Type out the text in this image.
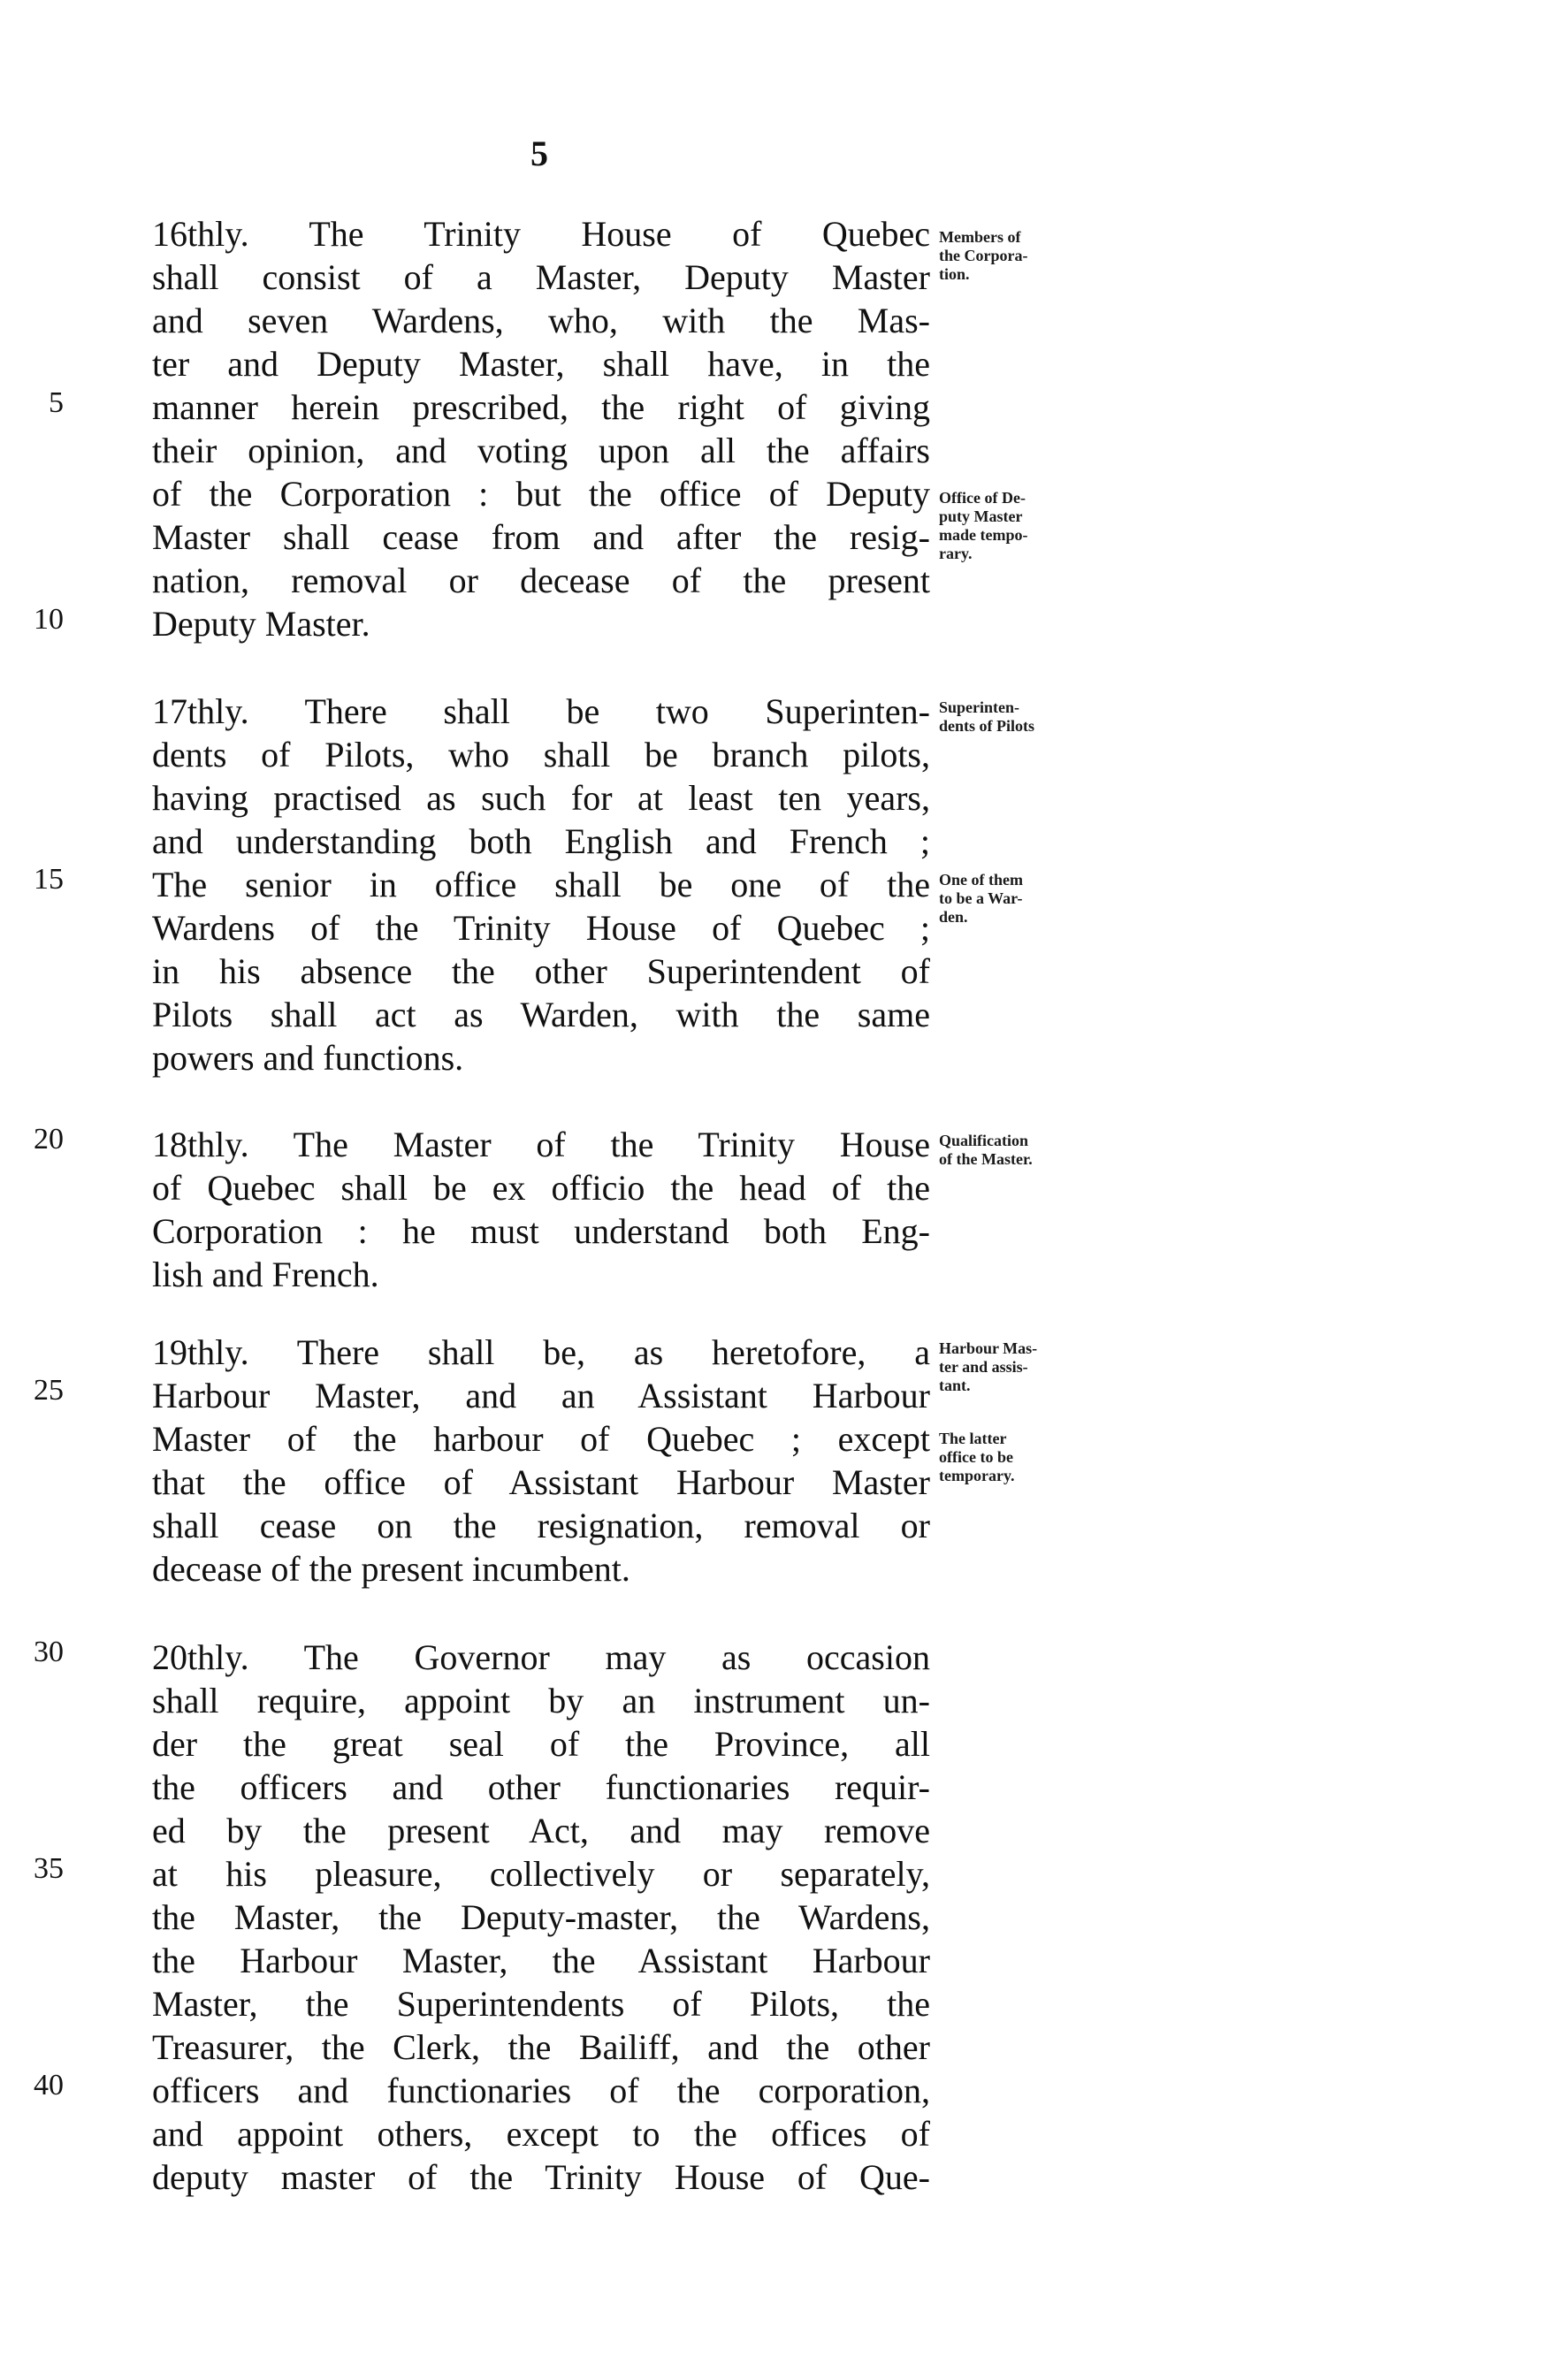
5
16thly. The Trinity House of Quebec
shall consist of a Master, Deputy Master
and seven Wardens, who, with the Mas-
ter and Deputy Master, shall have, in the
manner herein prescribed, the right of giving
their opinion, and voting upon all the affairs
of the Corporation : but the office of Deputy
Master shall cease from and after the resig-
nation, removal or decease of the present
Deputy Master.
17thly. There shall be two Superinten-
dents of Pilots, who shall be branch pilots,
having practised as such for at least ten years,
and understanding both English and French ;
The senior in office shall be one of the
Wardens of the Trinity House of Quebec ;
in his absence the other Superintendent of
Pilots shall act as Warden, with the same
powers and functions.
18thly. The Master of the Trinity House
of Quebec shall be ex officio the head of the
Corporation : he must understand both Eng-
lish and French.
19thly. There shall be, as heretofore, a
Harbour Master, and an Assistant Harbour
Master of the harbour of Quebec ; except
that the office of Assistant Harbour Master
shall cease on the resignation, removal or
decease of the present incumbent.
20thly. The Governor may as occasion
shall require, appoint by an instrument un-
der the great seal of the Province, all
the officers and other functionaries requir-
ed by the present Act, and may remove
at his pleasure, collectively or separately,
the Master, the Deputy-master, the Wardens,
the Harbour Master, the Assistant Harbour
Master, the Superintendents of Pilots, the
Treasurer, the Clerk, the Bailiff, and the other
officers and functionaries of the corporation,
and appoint others, except to the offices of
deputy master of the Trinity House of Que-
5
10
15
20
25
30
35
40
Members of
the Corpora-
tion.
Office of De-
puty Master
made tempo-
rary.
Superinten-
dents of Pilots
One of them
to be a War-
den.
Qualification
of the Master.
Harbour Mas-
ter and assis-
tant.
The latter
office to be
temporary.
